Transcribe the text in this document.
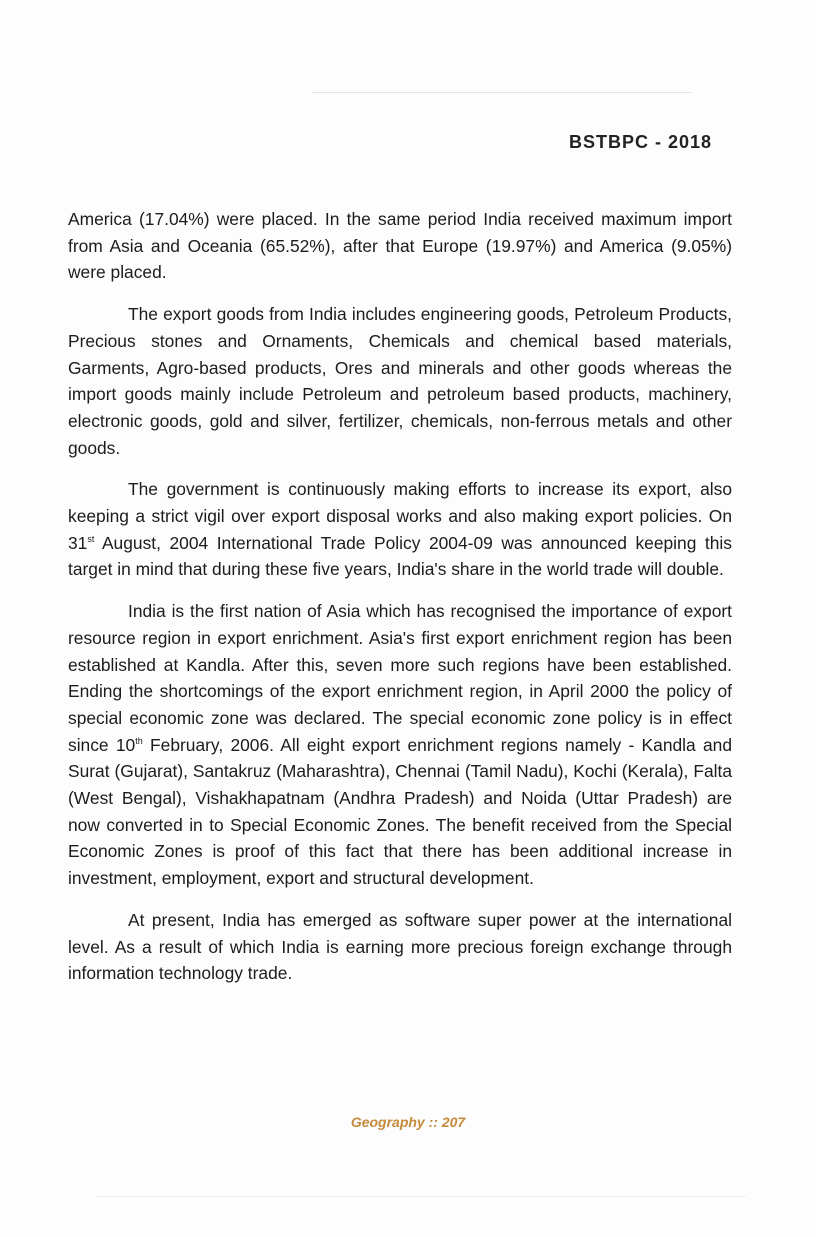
BSTBPC - 2018

America (17.04%) were placed. In the same period India received maximum import from Asia and Oceania (65.52%), after that Europe (19.97%) and America (9.05%) were placed.

The export goods from India includes engineering goods, Petroleum Products, Precious stones and Ornaments, Chemicals and chemical based materials, Garments, Agro-based products, Ores and minerals and other goods whereas the import goods mainly include Petroleum and petroleum based products, machinery, electronic goods, gold and silver, fertilizer, chemicals, non-ferrous metals and other goods.

The government is continuously making efforts to increase its export, also keeping a strict vigil over export disposal works and also making export policies. On 31st August, 2004 International Trade Policy 2004-09 was announced keeping this target in mind that during these five years, India's share in the world trade will double.

India is the first nation of Asia which has recognised the importance of export resource region in export enrichment. Asia's first export enrichment region has been established at Kandla. After this, seven more such regions have been established. Ending the shortcomings of the export enrichment region, in April 2000 the policy of special economic zone was declared. The special economic zone policy is in effect since 10th February, 2006. All eight export enrichment regions namely - Kandla and Surat (Gujarat), Santakruz (Maharashtra), Chennai (Tamil Nadu), Kochi (Kerala), Falta (West Bengal), Vishakhapatnam (Andhra Pradesh) and Noida (Uttar Pradesh) are now converted in to Special Economic Zones. The benefit received from the Special Economic Zones is proof of this fact that there has been additional increase in investment, employment, export and structural development.

At present, India has emerged as software super power at the international level. As a result of which India is earning more precious foreign exchange through information technology trade.

Geography :: 207
